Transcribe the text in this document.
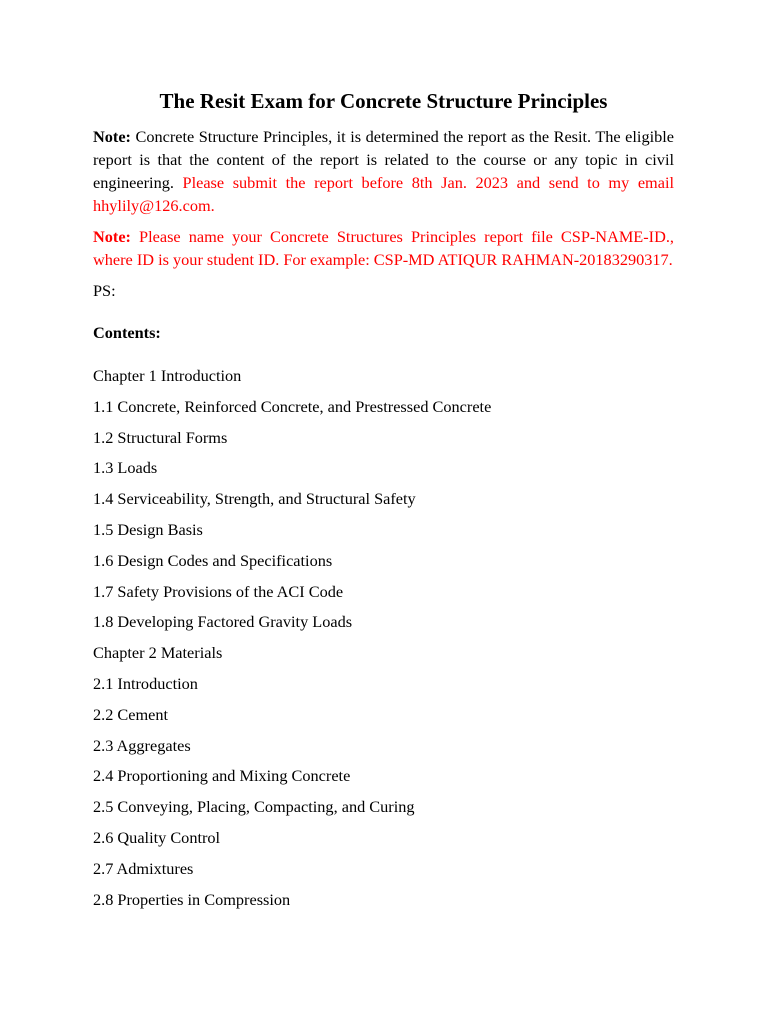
The Resit Exam for Concrete Structure Principles

Note: Concrete Structure Principles, it is determined the report as the Resit. The eligible report is that the content of the report is related to the course or any topic in civil engineering. Please submit the report before 8th Jan. 2023 and send to my email hhylily@126.com.

Note: Please name your Concrete Structures Principles report file CSP-NAME-ID., where ID is your student ID. For example: CSP-MD ATIQUR RAHMAN-20183290317.

PS:

Contents:

Chapter 1 Introduction
1.1 Concrete, Reinforced Concrete, and Prestressed Concrete
1.2 Structural Forms
1.3 Loads
1.4 Serviceability, Strength, and Structural Safety
1.5 Design Basis
1.6 Design Codes and Specifications
1.7 Safety Provisions of the ACI Code
1.8 Developing Factored Gravity Loads
Chapter 2 Materials
2.1 Introduction
2.2 Cement
2.3 Aggregates
2.4 Proportioning and Mixing Concrete
2.5 Conveying, Placing, Compacting, and Curing
2.6 Quality Control
2.7 Admixtures
2.8 Properties in Compression
